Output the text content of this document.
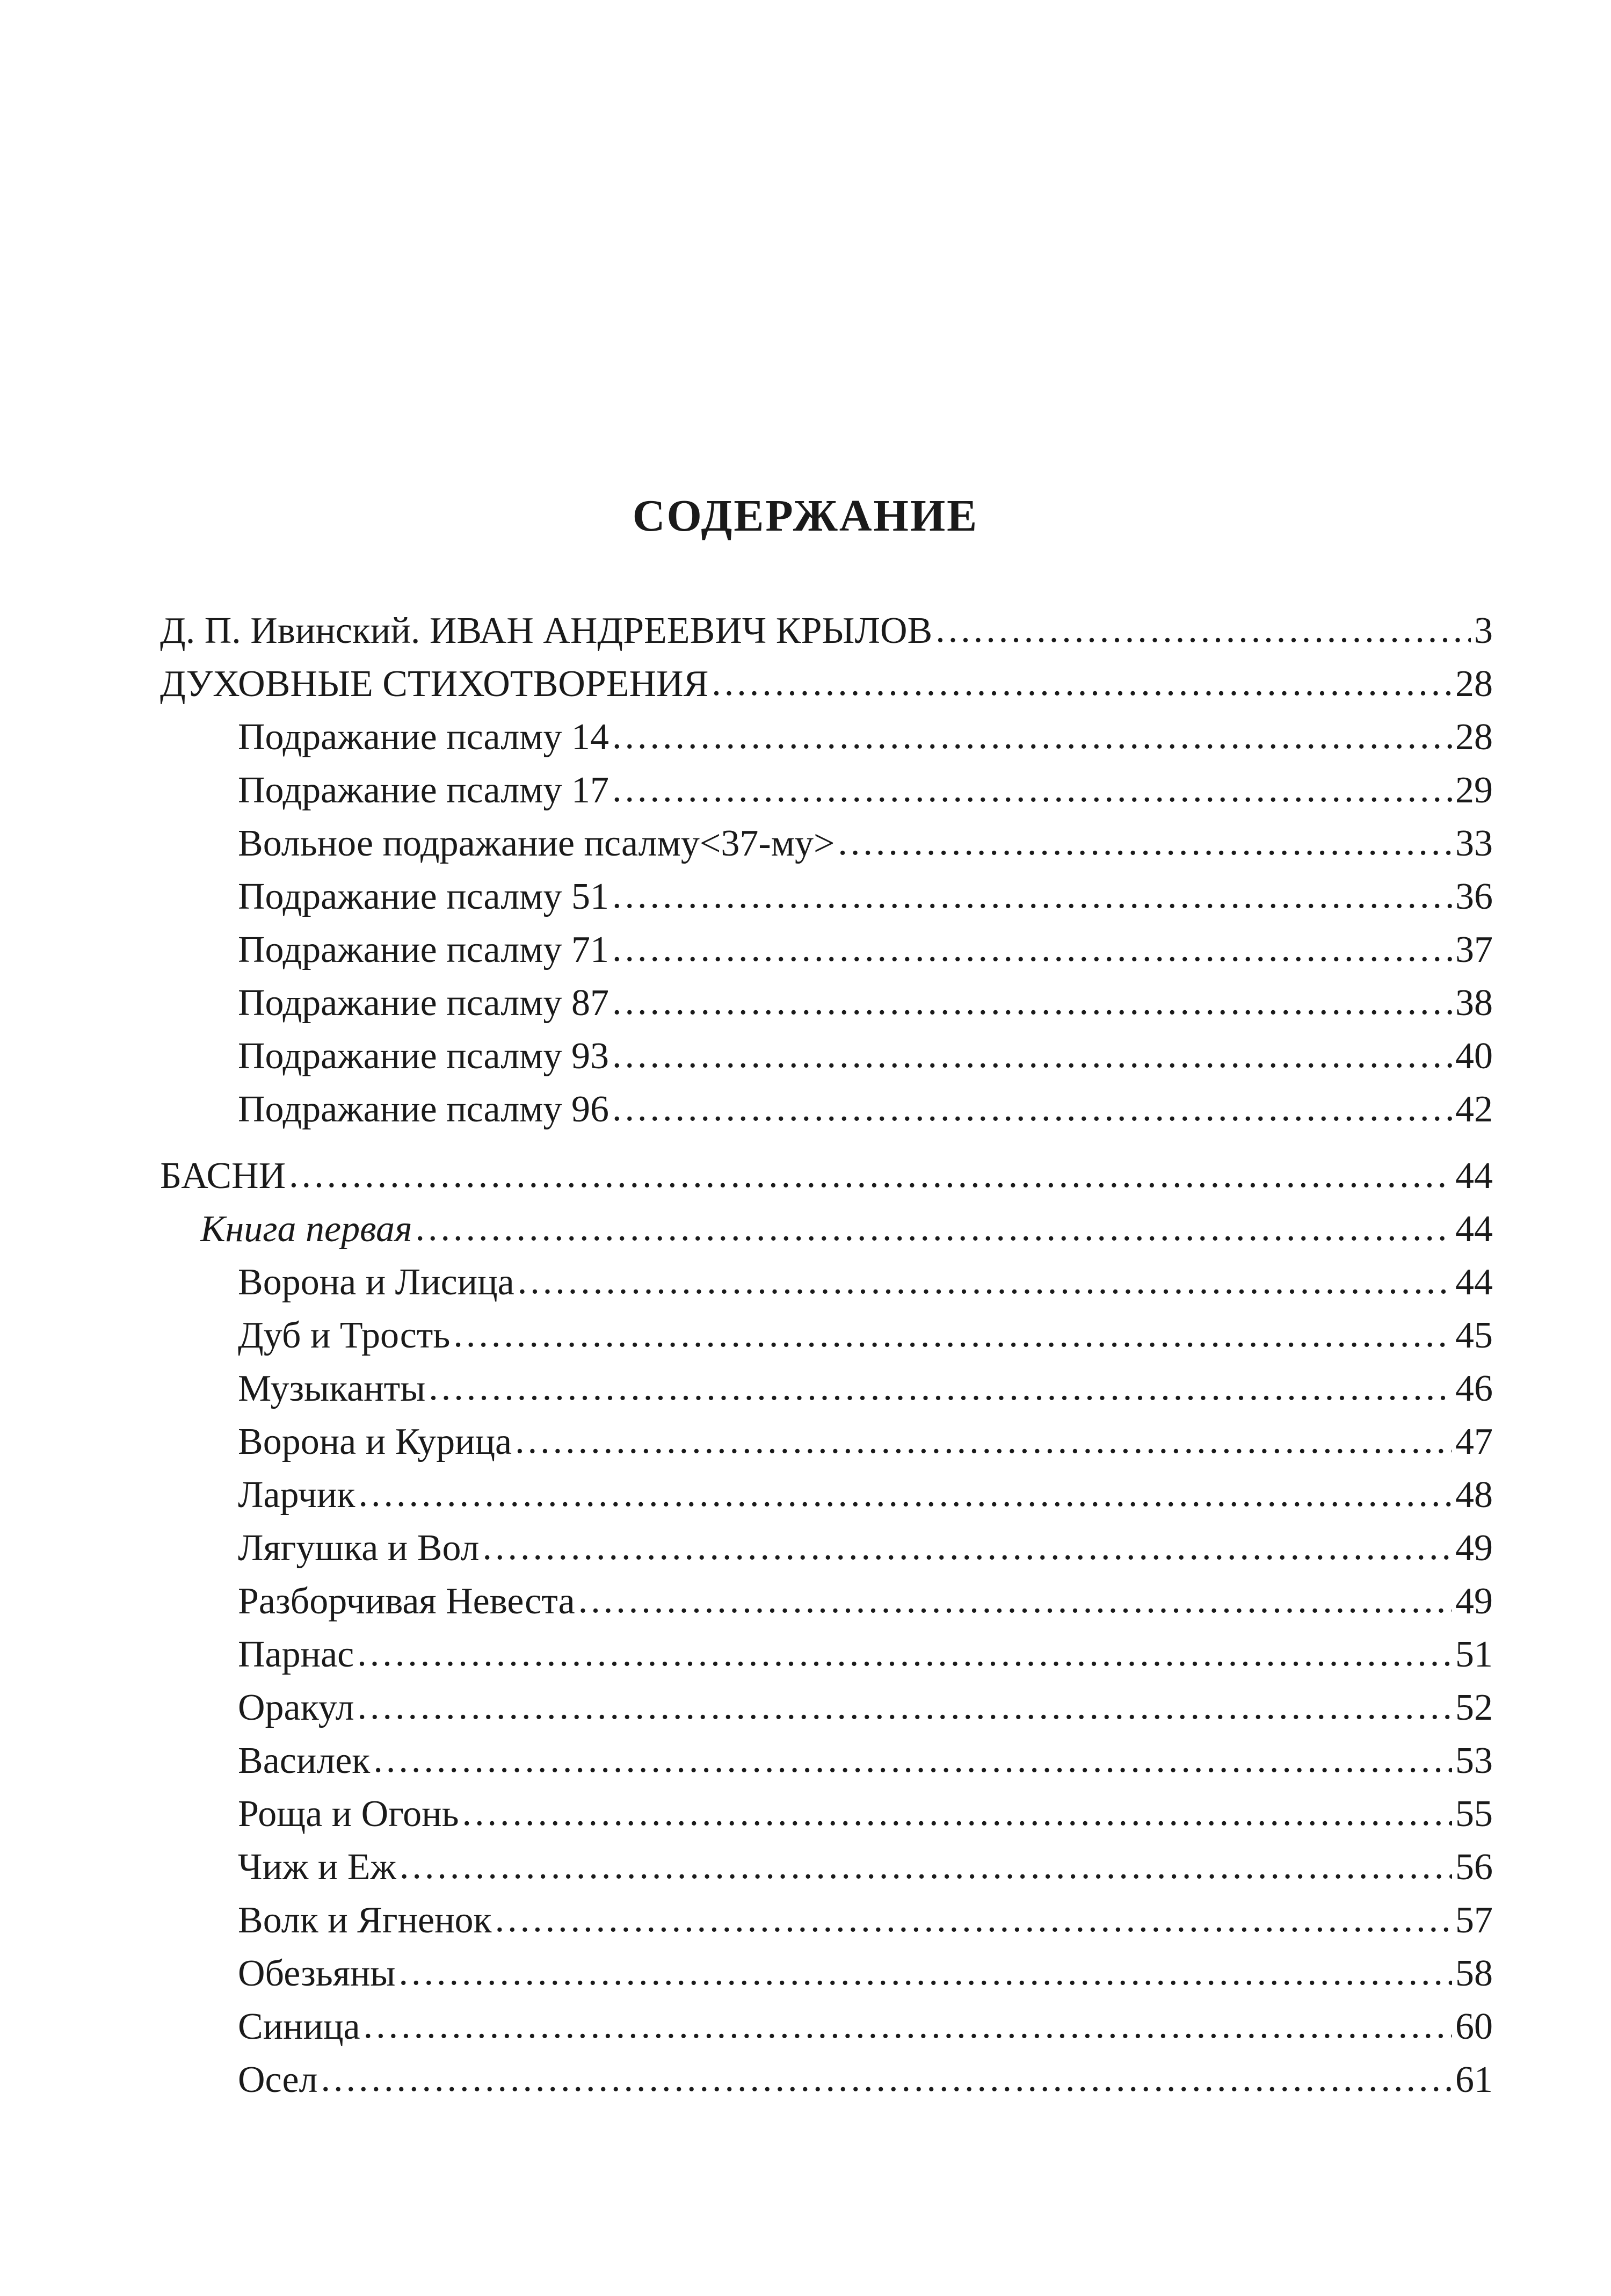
СОДЕРЖАНИЕ
Д. П. Ивинский. ИВАН АНДРЕЕВИЧ КРЫЛОВ .....	3
ДУХОВНЫЕ СТИХОТВОРЕНИЯ .....	28
Подражание псалму 14 .....	28
Подражание псалму 17 .....	29
Вольное подражание псалму<37-му> .....	33
Подражание псалму 51 .....	36
Подражание псалму 71 .....	37
Подражание псалму 87 .....	38
Подражание псалму 93 .....	40
Подражание псалму 96 .....	42
БАСНИ .....	44
Книга первая .....	44
Ворона и Лисица .....	44
Дуб и Трость .....	45
Музыканты .....	46
Ворона и Курица .....	47
Ларчик .....	48
Лягушка и Вол .....	49
Разборчивая Невеста .....	49
Парнас .....	51
Оракул .....	52
Василек .....	53
Роща и Огонь .....	55
Чиж и Еж .....	56
Волк и Ягненок .....	57
Обезьяны .....	58
Синица .....	60
Осел .....	61
